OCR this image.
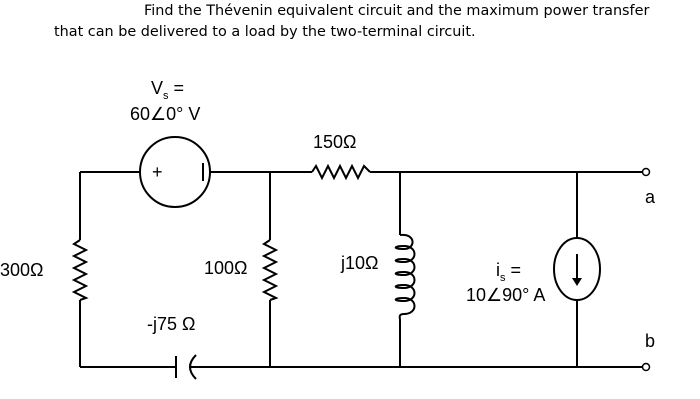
Find the Thévenin equivalent circuit and the maximum power transfer
that can be delivered to a load by the two-terminal circuit.
+
$V_s$ =
60∠0° V
150Ω
300Ω	100Ω
-j75 Ω
j10Ω	$i_s$ =
10∠90° A
a
b
